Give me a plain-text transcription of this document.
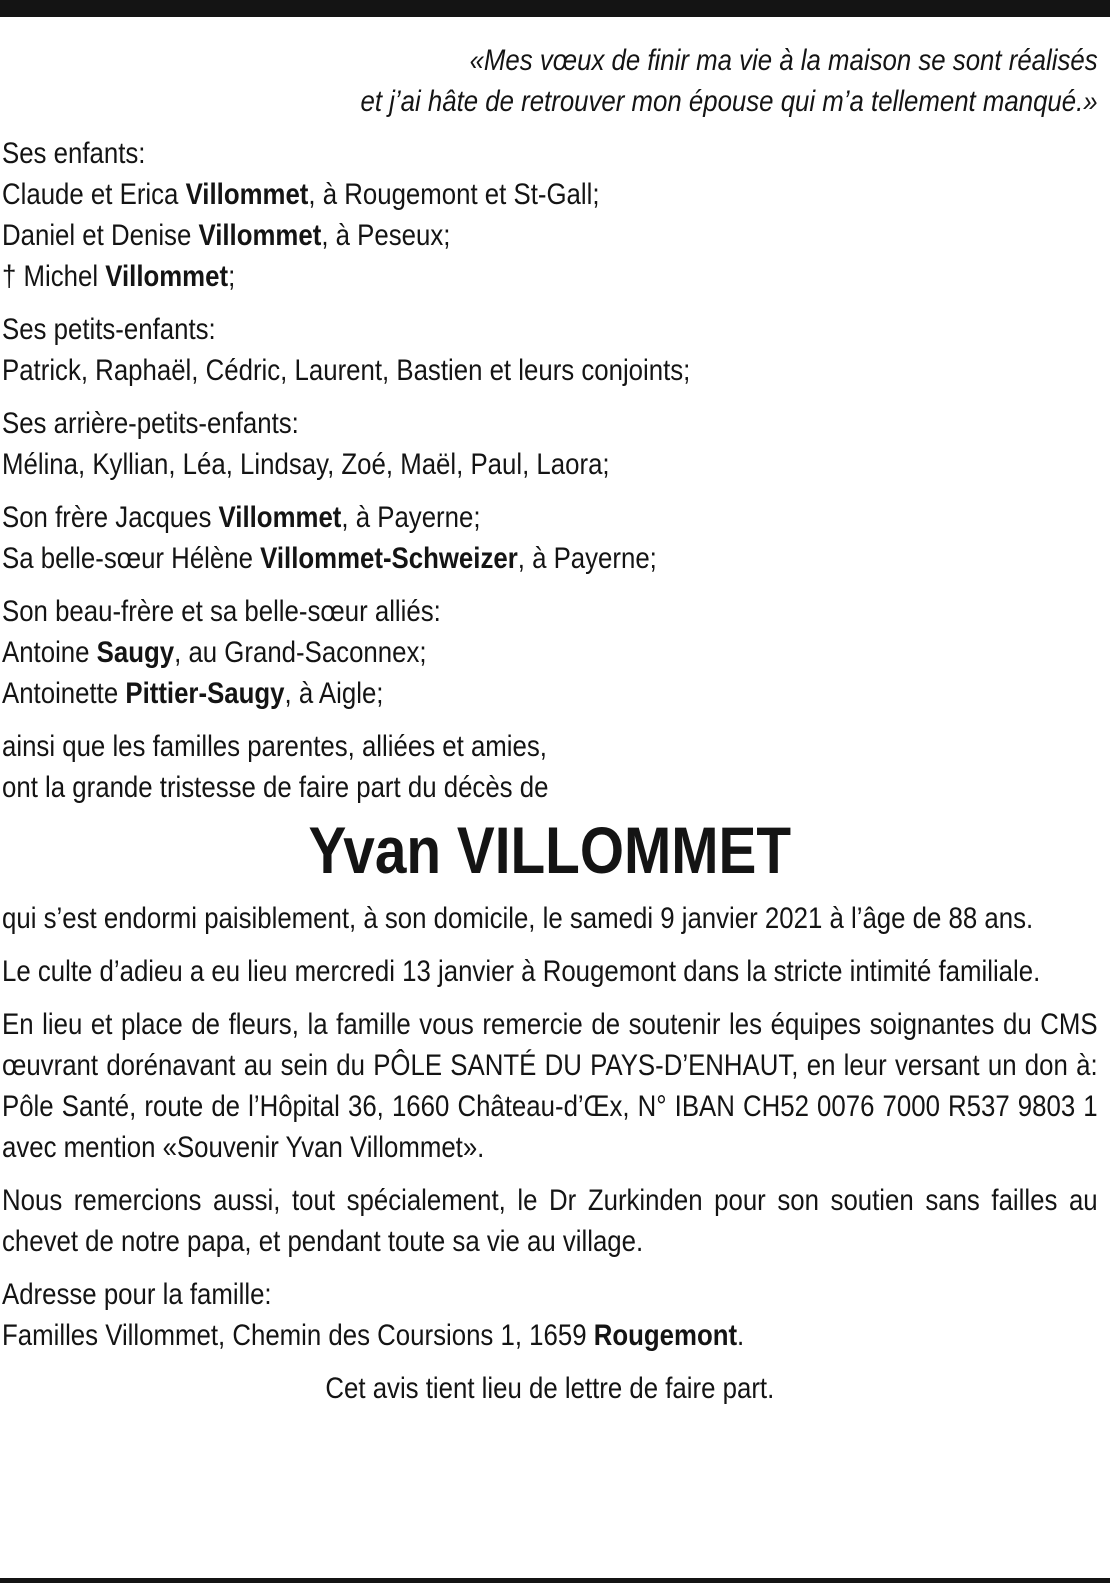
«Mes vœux de finir ma vie à la maison se sont réalisés
et j’ai hâte de retrouver mon épouse qui m’a tellement manqué.»
Ses enfants:
Claude et Erica Villommet, à Rougemont et St-Gall;
Daniel et Denise Villommet, à Peseux;
† Michel Villommet;
Ses petits-enfants:
Patrick, Raphaël, Cédric, Laurent, Bastien et leurs conjoints;
Ses arrière-petits-enfants:
Mélina, Kyllian, Léa, Lindsay, Zoé, Maël, Paul, Laora;
Son frère Jacques Villommet, à Payerne;
Sa belle-sœur Hélène Villommet-Schweizer, à Payerne;
Son beau-frère et sa belle-sœur alliés:
Antoine Saugy, au Grand-Saconnex;
Antoinette Pittier-Saugy, à Aigle;
ainsi que les familles parentes, alliées et amies,
ont la grande tristesse de faire part du décès de
Yvan VILLOMMET
qui s’est endormi paisiblement, à son domicile, le samedi 9 janvier 2021 à l’âge de 88 ans.
Le culte d’adieu a eu lieu mercredi 13 janvier à Rougemont dans la stricte intimité familiale.
En lieu et place de fleurs, la famille vous remercie de soutenir les équipes soignantes du CMS œuvrant dorénavant au sein du PÔLE SANTÉ DU PAYS-D’ENHAUT, en leur versant un don à: Pôle Santé, route de l’Hôpital 36, 1660 Château-d’Œx, N° IBAN CH52 0076 7000 R537 9803 1 avec mention «Souvenir Yvan Villommet».
Nous remercions aussi, tout spécialement, le Dr Zurkinden pour son soutien sans failles au chevet de notre papa, et pendant toute sa vie au village.
Adresse pour la famille:
Familles Villommet, Chemin des Coursions 1, 1659 Rougemont.
Cet avis tient lieu de lettre de faire part.
